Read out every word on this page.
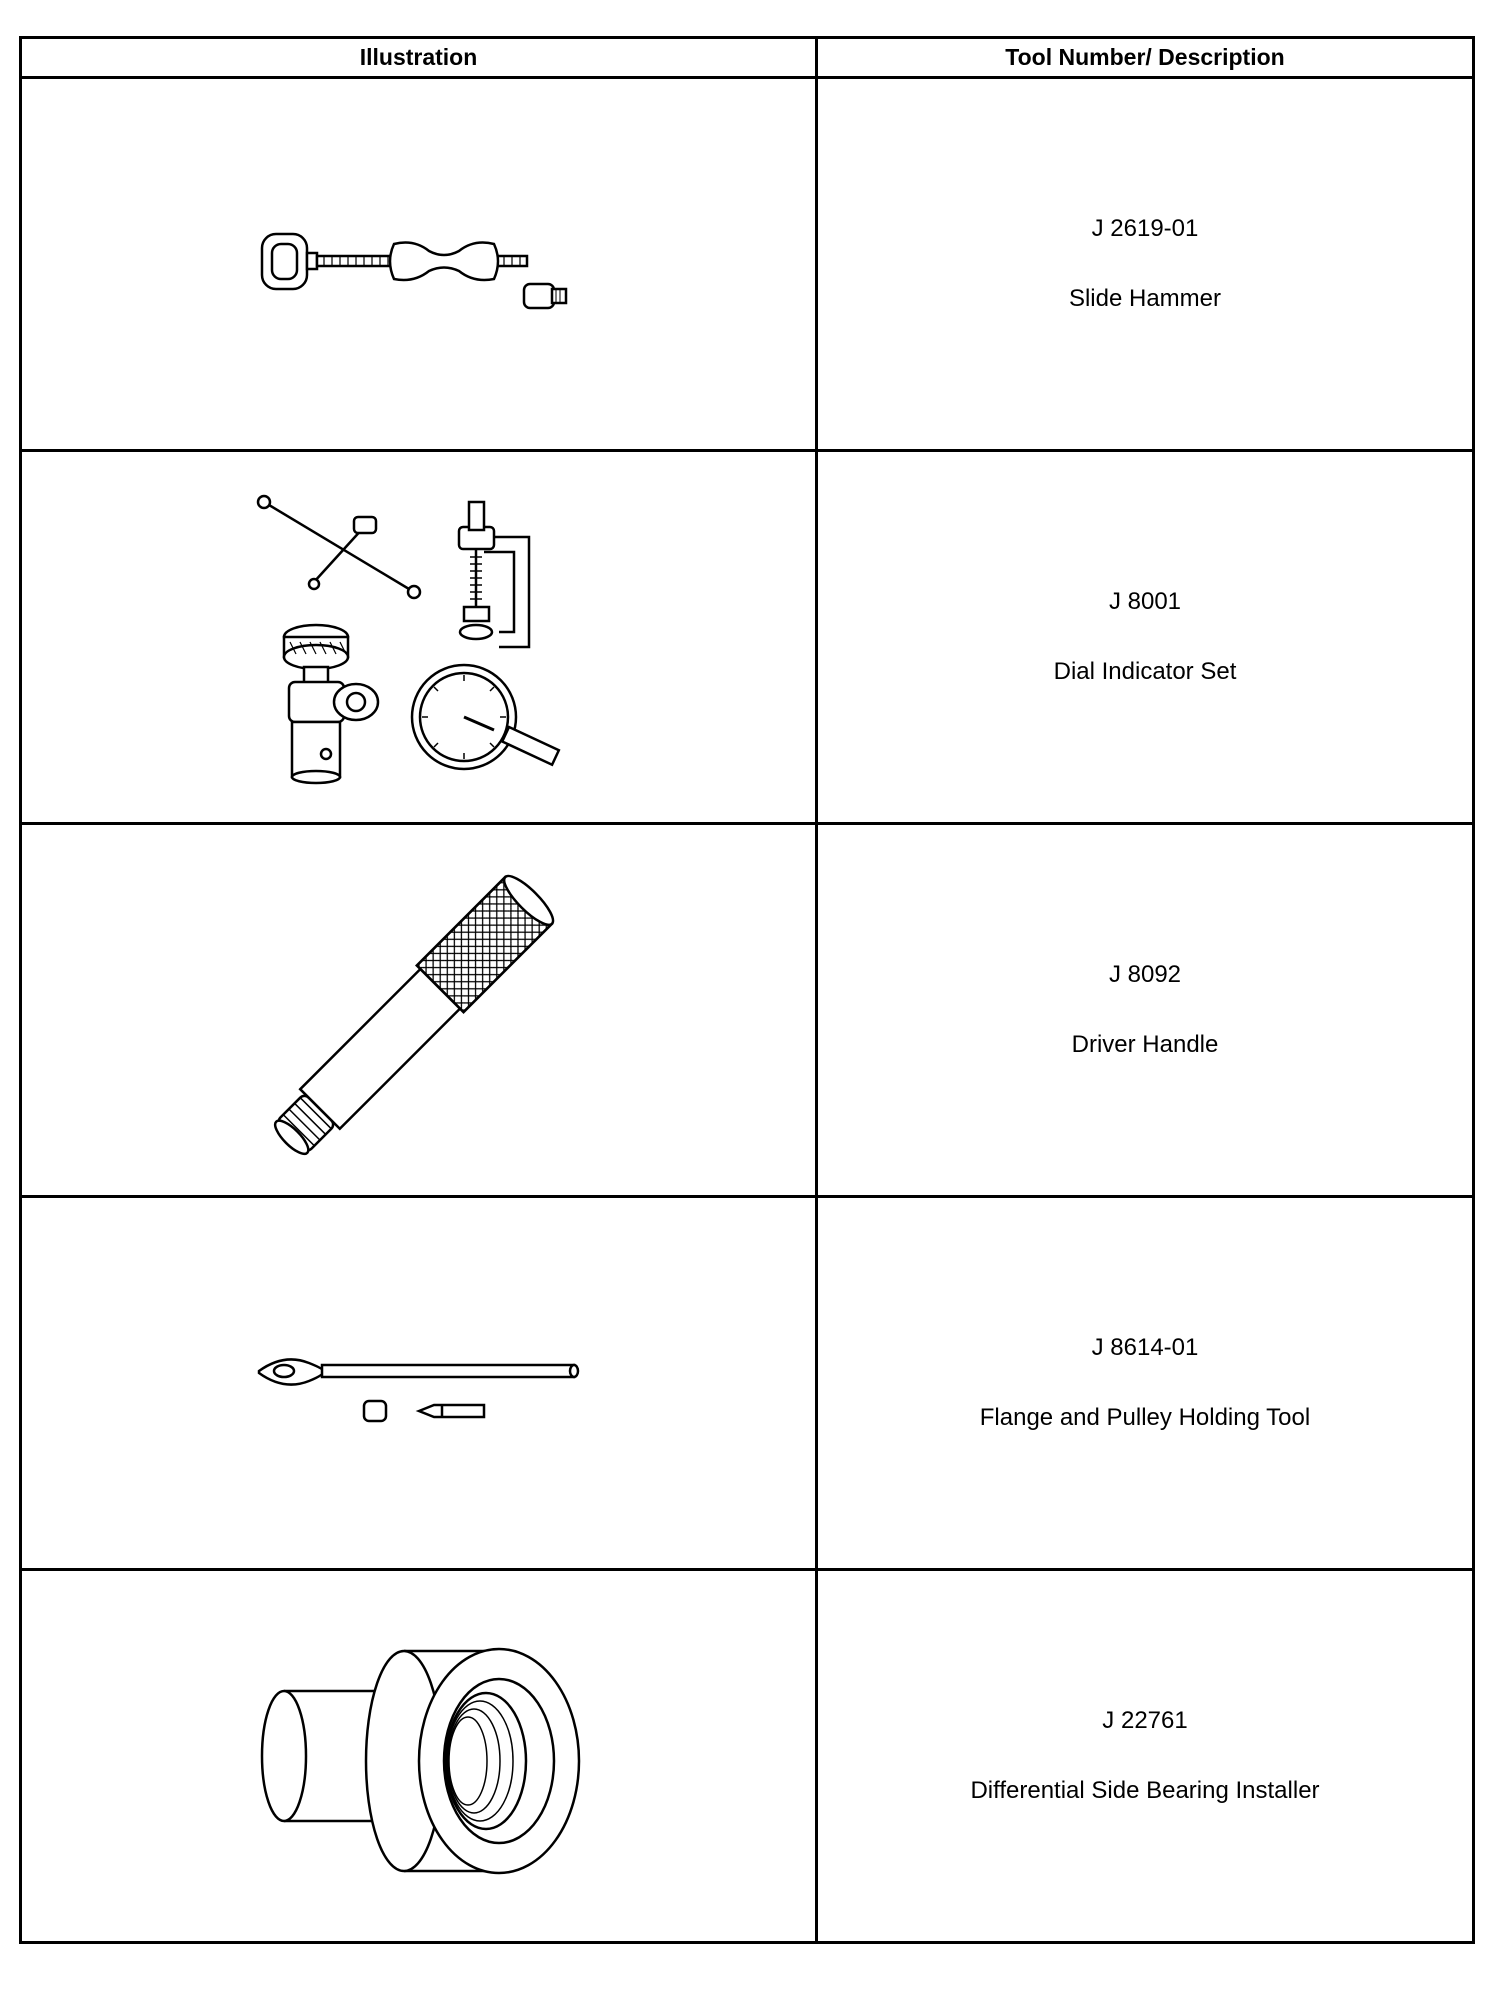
Illustration	Tool Number/ Description

J 2619-01
Slide Hammer

J 8001
Dial Indicator Set

J 8092
Driver Handle

J 8614-01
Flange and Pulley Holding Tool

J 22761
Differential Side Bearing Installer
